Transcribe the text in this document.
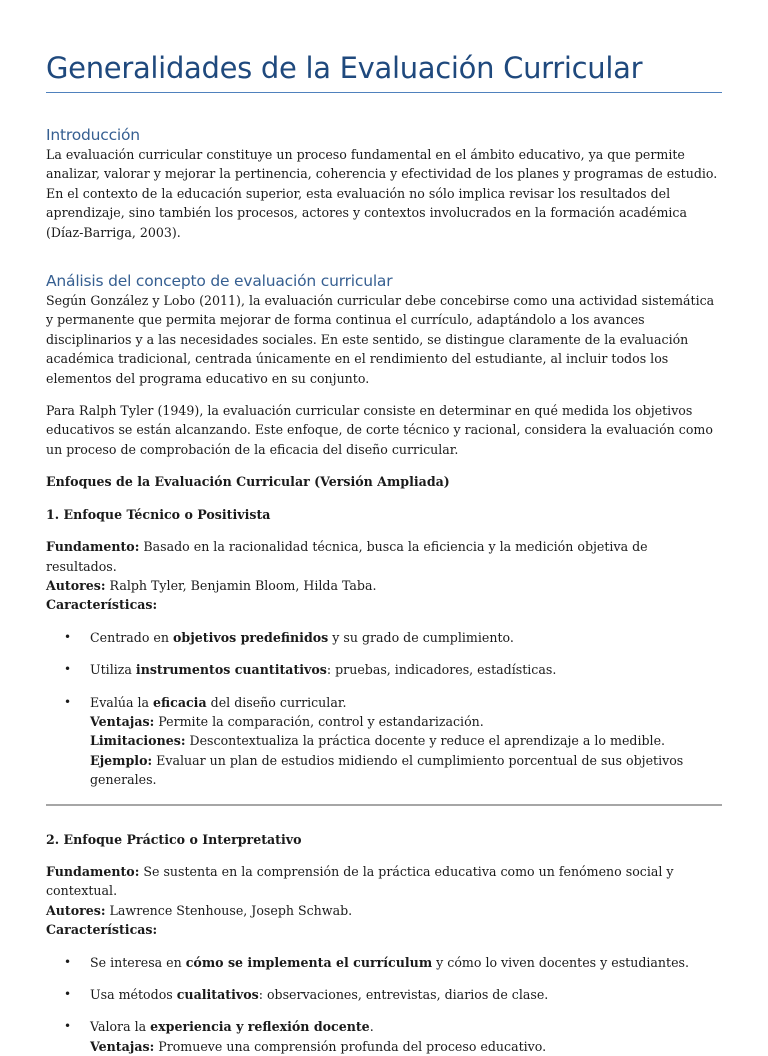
Generalidades de la Evaluación Curricular
Introducción

La evaluación curricular constituye un proceso fundamental en el ámbito educativo, ya que permite analizar, valorar y mejorar la pertinencia, coherencia y efectividad de los planes y programas de estudio. En el contexto de la educación superior, esta evaluación no sólo implica revisar los resultados del aprendizaje, sino también los procesos, actores y contextos involucrados en la formación académica (Díaz-Barriga, 2003).

Análisis del concepto de evaluación curricular

Según González y Lobo (2011), la evaluación curricular debe concebirse como una actividad sistemática y permanente que permita mejorar de forma continua el currículo, adaptándolo a los avances disciplinarios y a las necesidades sociales. En este sentido, se distingue claramente de la evaluación académica tradicional, centrada únicamente en el rendimiento del estudiante, al incluir todos los elementos del programa educativo en su conjunto.

Para Ralph Tyler (1949), la evaluación curricular consiste en determinar en qué medida los objetivos educativos se están alcanzando. Este enfoque, de corte técnico y racional, considera la evaluación como un proceso de comprobación de la eficacia del diseño curricular.

Enfoques de la Evaluación Curricular (Versión Ampliada)

1. Enfoque Técnico o Positivista

Fundamento: Basado en la racionalidad técnica, busca la eficiencia y la medición objetiva de resultados.

Autores: Ralph Tyler, Benjamin Bloom, Hilda Taba.

Características:

• Centrado en objetivos predefinidos y su grado de cumplimiento.
• Utiliza instrumentos cuantitativos: pruebas, indicadores, estadísticas.
• Evalúa la eficacia del diseño curricular.
Ventajas: Permite la comparación, control y estandarización.
Limitaciones: Descontextualiza la práctica docente y reduce el aprendizaje a lo medible.
Ejemplo: Evaluar un plan de estudios midiendo el cumplimiento porcentual de sus objetivos generales.

2. Enfoque Práctico o Interpretativo

Fundamento: Se sustenta en la comprensión de la práctica educativa como un fenómeno social y contextual.

Autores: Lawrence Stenhouse, Joseph Schwab.

Características:

• Se interesa en cómo se implementa el currículum y cómo lo viven docentes y estudiantes.
• Usa métodos cualitativos: observaciones, entrevistas, diarios de clase.
• Valora la experiencia y reflexión docente.
Ventajas: Promueve una comprensión profunda del proceso educativo.
